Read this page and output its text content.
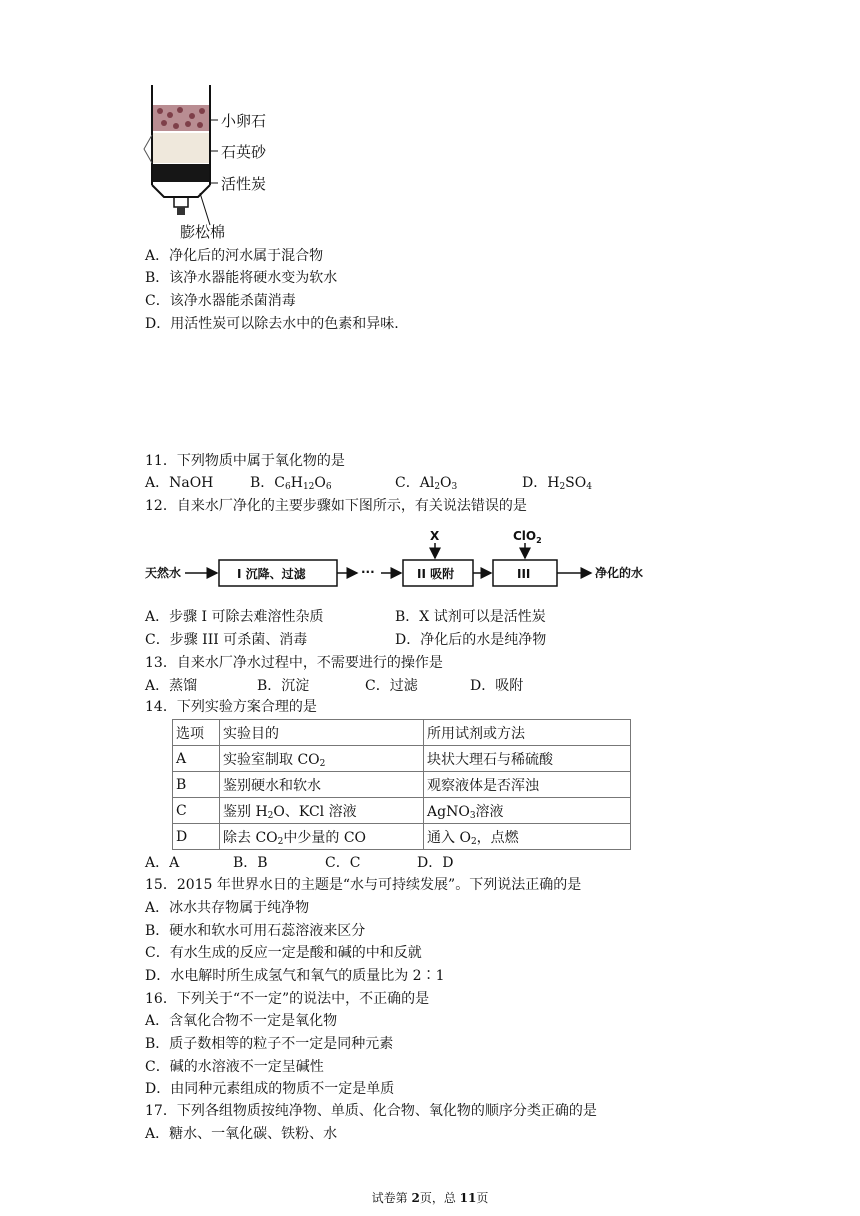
小卵石
石英砂
活性炭
膨松棉
A．净化后的河水属于混合物
B．该净水器能将硬水变为软水
C．该净水器能杀菌消毒
D．用活性炭可以除去水中的色素和异味.
11．下列物质中属于氧化物的是
A．NaOH	B．$C_6H_{12}O_6$	C．$Al_2O_3$	D．$H_2SO_4$
12．自来水厂净化的主要步骤如下图所示，有关说法错误的是
天然水	I 沉降、过滤	···	II 吸附
X
III
ClO$_2$
净化的水
A．步骤 I 可除去难溶性杂质	B．X 试剂可以是活性炭
C．步骤 III 可杀菌、消毒	D．净化后的水是纯净物
13．自来水厂净水过程中，不需要进行的操作是
A．蒸馏	B．沉淀	C．过滤	D．吸附
14．下列实验方案合理的是
选项	实验目的	所用试剂或方法
A	实验室制取 $CO_2$	块状大理石与稀硫酸
B	鉴别硬水和软水	观察液体是否浑浊
C	鉴别 $H_2O$、KCl 溶液	AgNO$_3$溶液
D	除去 $CO_2$中少量的 CO	通入 $O_2$，点燃
A．A	B．B	C．C	D．D
15．2015 年世界水日的主题是“水与可持续发展”。下列说法正确的是
A．冰水共存物属于纯净物
B．硬水和软水可用石蕊溶液来区分
C．有水生成的反应一定是酸和碱的中和反就
D．水电解时所生成氢气和氧气的质量比为 2∶1
16．下列关于“不一定”的说法中，不正确的是
A．含氧化合物不一定是氧化物
B．质子数相等的粒子不一定是同种元素
C．碱的水溶液不一定呈碱性
D．由同种元素组成的物质不一定是单质
17．下列各组物质按纯净物、单质、化合物、氧化物的顺序分类正确的是
A．糖水、一氧化碳、铁粉、水
试卷第 2页，总 11页
